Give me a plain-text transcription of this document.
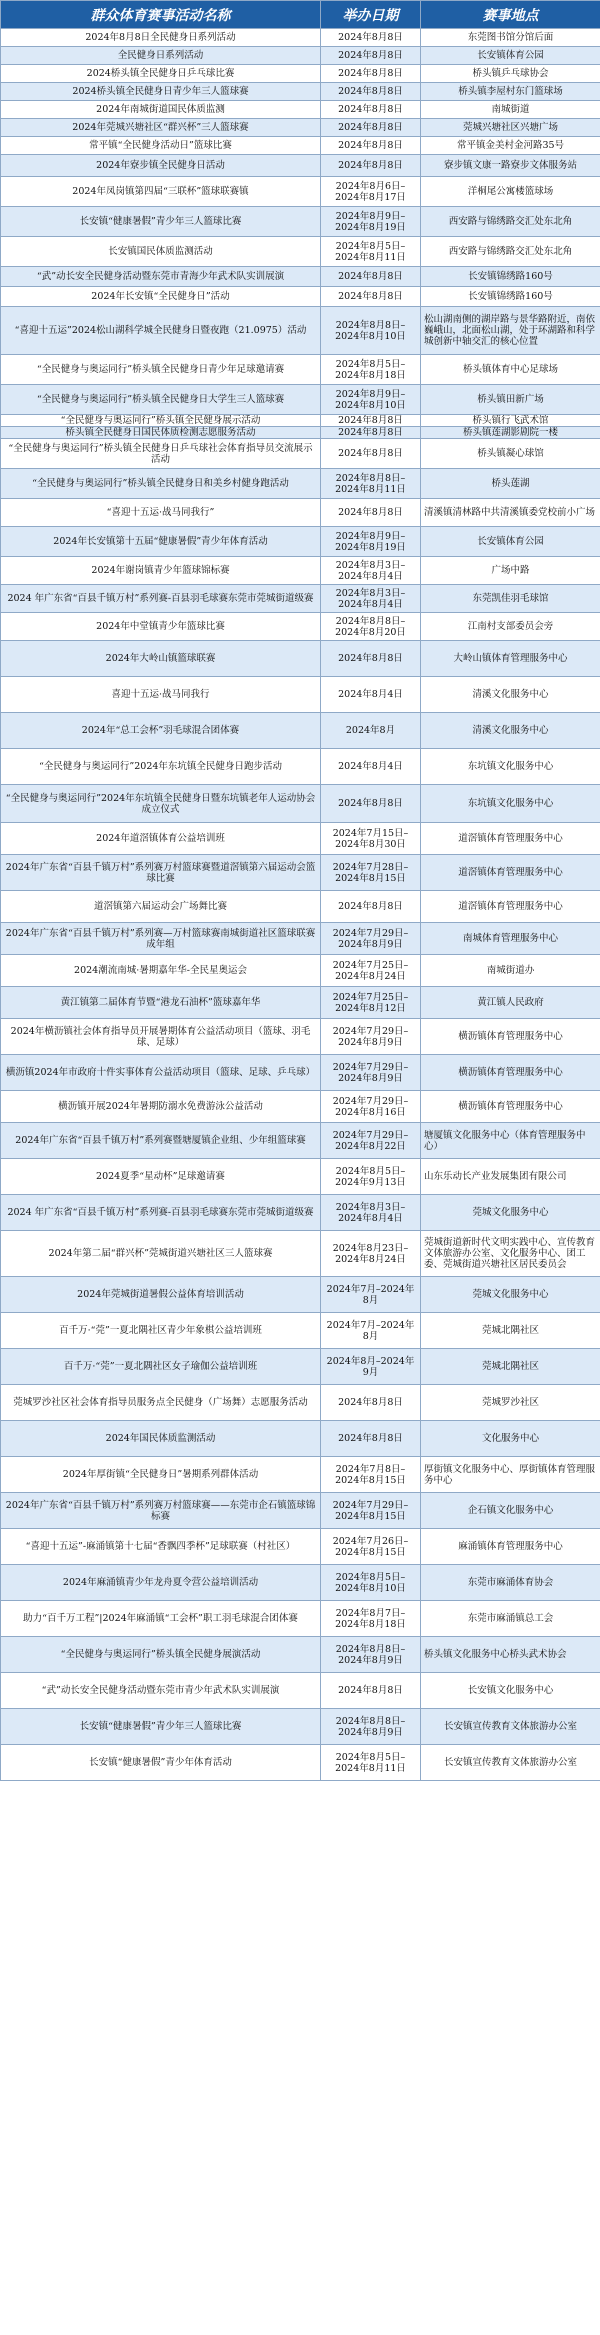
群众体育赛事活动名称	举办日期	赛事地点
2024年8月8日全民健身日系列活动	2024年8月8日	东莞图书馆分馆后面
全民健身日系列活动	2024年8月8日	长安镇体育公园
2024桥头镇全民健身日乒乓球比赛	2024年8月8日	桥头镇乒乓球协会
2024桥头镇全民健身日青少年三人篮球赛	2024年8月8日	桥头镇李屋村东门篮球场
2024年南城街道国民体质监测	2024年8月8日	南城街道
2024年莞城兴塘社区“群兴杯”三人篮球赛	2024年8月8日	莞城兴塘社区兴塘广场
常平镇“全民健身活动日”篮球比赛	2024年8月8日	常平镇金美村金河路35号
2024年寮步镇全民健身日活动	2024年8月8日	寮步镇文康一路寮步文体服务站
2024年凤岗镇第四届“三联杯”篮球联赛镇	2024年8月6日–2024年8月17日	洋桐尾公寓楼篮球场
长安镇“健康暑假”青少年三人篮球比赛	2024年8月9日–2024年8月19日	西安路与锦绣路交汇处东北角
长安镇国民体质监测活动	2024年8月5日–2024年8月11日	西安路与锦绣路交汇处东北角
“武”动长安全民健身活动暨东莞市青海少年武术队实训展演	2024年8月8日	长安镇锦绣路160号
2024年长安镇“全民健身日”活动	2024年8月8日	长安镇锦绣路160号
“喜迎十五运”2024松山湖科学城全民健身日暨夜跑（21.0975）活动	2024年8月8日–2024年8月10日	松山湖南侧的湖岸路与景华路附近，南依巍峨山，北面松山湖，处于环湖路和科学城创新中轴交汇的核心位置
“全民健身与奥运同行”桥头镇全民健身日青少年足球邀请赛	2024年8月5日–2024年8月18日	桥头镇体育中心足球场
“全民健身与奥运同行”桥头镇全民健身日大学生三人篮球赛	2024年8月9日–2024年8月10日	桥头镇田新广场
“全民健身与奥运同行”桥头镇全民健身展示活动	2024年8月8日	桥头镇行飞武术馆
桥头镇全民健身日国民体质检测志愿服务活动	2024年8月8日	桥头镇莲湖影剧院一楼
“全民健身与奥运同行”桥头镇全民健身日乒乓球社会体育指导员交流展示活动	2024年8月8日	桥头镇凝心球馆
“全民健身与奥运同行”桥头镇全民健身日和美乡村健身跑活动	2024年8月8日–2024年8月11日	桥头莲湖
“喜迎十五运·战马同我行”	2024年8月8日	清溪镇清林路中共清溪镇委党校前小广场
2024年长安镇第十五届“健康暑假”青少年体育活动	2024年8月9日–2024年8月19日	长安镇体育公园
2024年谢岗镇青少年篮球锦标赛	2024年8月3日–2024年8月4日	广场中路
2024 年广东省“百县千镇万村”系列赛-百县羽毛球赛东莞市莞城街道级赛	2024年8月3日–2024年8月4日	东莞凯佳羽毛球馆
2024年中堂镇青少年篮球比赛	2024年8月8日–2024年8月20日	江南村支部委员会旁
2024年大岭山镇篮球联赛	2024年8月8日	大岭山镇体育管理服务中心
喜迎十五运·战马同我行	2024年8月4日	清溪文化服务中心
2024年“总工会杯”羽毛球混合团体赛	2024年8月	清溪文化服务中心
“全民健身与奥运同行”2024年东坑镇全民健身日跑步活动	2024年8月4日	东坑镇文化服务中心
“全民健身与奥运同行”2024年东坑镇全民健身日暨东坑镇老年人运动协会成立仪式	2024年8月8日	东坑镇文化服务中心
2024年道滘镇体育公益培训班	2024年7月15日–2024年8月30日	道滘镇体育管理服务中心
2024年广东省“百县千镇万村”系列赛万村篮球赛暨道滘镇第六届运动会篮球比赛	2024年7月28日–2024年8月15日	道滘镇体育管理服务中心
道滘镇第六届运动会广场舞比赛	2024年8月8日	道滘镇体育管理服务中心
2024年广东省“百县千镇万村”系列赛—万村篮球赛南城街道社区篮球联赛成年组	2024年7月29日–2024年8月9日	南城体育管理服务中心
2024潮流南城·暑期嘉年华-全民星奥运会	2024年7月25日–2024年8月24日	南城街道办
黄江镇第二届体育节暨“港龙石油杯”篮球嘉年华	2024年7月25日–2024年8月12日	黄江镇人民政府
2024年横沥镇社会体育指导员开展暑期体育公益活动项目（篮球、羽毛球、足球）	2024年7月29日–2024年8月9日	横沥镇体育管理服务中心
横沥镇2024年市政府十件实事体育公益活动项目（篮球、足球、乒乓球）	2024年7月29日–2024年8月9日	横沥镇体育管理服务中心
横沥镇开展2024年暑期防溺水免费游泳公益活动	2024年7月29日–2024年8月16日	横沥镇体育管理服务中心
2024年广东省“百县千镇万村”系列赛暨塘厦镇企业组、少年组篮球赛	2024年7月29日–2024年8月22日	塘厦镇文化服务中心（体育管理服务中心）
2024夏季“星动杯”足球邀请赛	2024年8月5日–2024年9月13日	山东乐动长产业发展集团有限公司
2024 年广东省“百县千镇万村”系列赛-百县羽毛球赛东莞市莞城街道级赛	2024年8月3日–2024年8月4日	莞城文化服务中心
2024年第二届“群兴杯”莞城街道兴塘社区三人篮球赛	2024年8月23日–2024年8月24日	莞城街道新时代文明实践中心、宣传教育文体旅游办公室、文化服务中心、团工委、莞城街道兴塘社区居民委员会
2024年莞城街道暑假公益体育培训活动	2024年7月–2024年8月	莞城文化服务中心
百千万·“莞”一夏北隅社区青少年象棋公益培训班	2024年7月–2024年8月	莞城北隅社区
百千万·“莞”一夏北隅社区女子瑜伽公益培训班	2024年8月–2024年9月	莞城北隅社区
莞城罗沙社区社会体育指导员服务点全民健身（广场舞）志愿服务活动	2024年8月8日	莞城罗沙社区
2024年国民体质监测活动	2024年8月8日	文化服务中心
2024年厚街镇“全民健身日”暑期系列群体活动	2024年7月8日–2024年8月15日	厚街镇文化服务中心、厚街镇体育管理服务中心
2024年广东省“百县千镇万村”系列赛万村篮球赛——东莞市企石镇篮球锦标赛	2024年7月29日–2024年8月15日	企石镇文化服务中心
“喜迎十五运”-麻涌镇第十七届“香飘四季杯”足球联赛（村社区）	2024年7月26日–2024年8月15日	麻涌镇体育管理服务中心
2024年麻涌镇青少年龙舟夏令营公益培训活动	2024年8月5日–2024年8月10日	东莞市麻涌体育协会
助力“百千万工程”|2024年麻涌镇“工会杯”职工羽毛球混合团体赛	2024年8月7日–2024年8月18日	东莞市麻涌镇总工会
“全民健身与奥运同行”桥头镇全民健身展演活动	2024年8月8日–2024年8月9日	桥头镇文化服务中心桥头武术协会
“武”动长安全民健身活动暨东莞市青少年武术队实训展演	2024年8月8日	长安镇文化服务中心
长安镇“健康暑假”青少年三人篮球比赛	2024年8月8日–2024年8月9日	长安镇宣传教育文体旅游办公室
长安镇“健康暑假”青少年体育活动	2024年8月5日–2024年8月11日	长安镇宣传教育文体旅游办公室
